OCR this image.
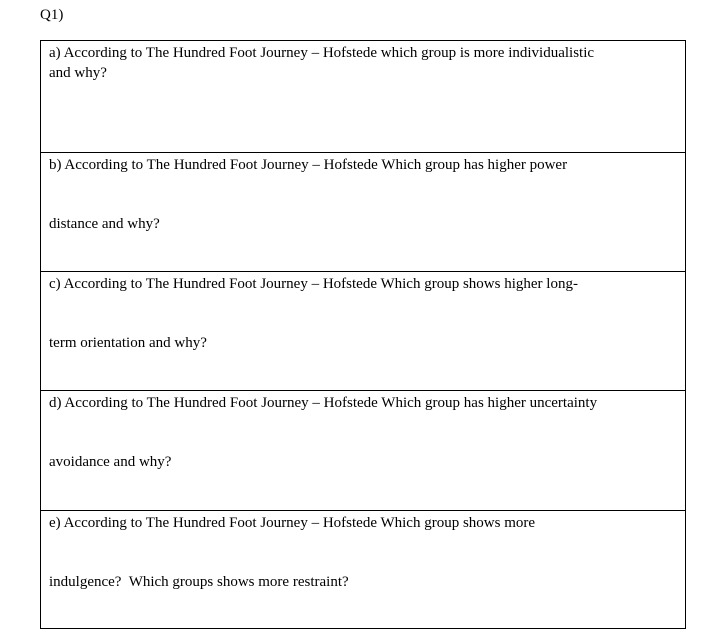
Q1)
a) According to The Hundred Foot Journey – Hofstede which group is more individualistic
and why?
b) According to The Hundred Foot Journey – Hofstede Which group has higher power
distance and why?
c) According to The Hundred Foot Journey – Hofstede Which group shows higher long-
term orientation and why?
d) According to The Hundred Foot Journey – Hofstede Which group has higher uncertainty
avoidance and why?
e) According to The Hundred Foot Journey – Hofstede Which group shows more
indulgence?  Which groups shows more restraint?
